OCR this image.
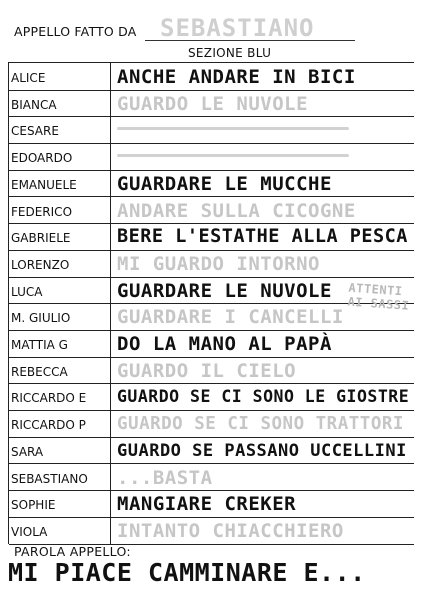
APPELLO FATTO DA SEBASTIANO
SEZIONE BLU
ALICE	ANCHE ANDARE IN BICI
BIANCA	GUARDO LE NUVOLE
CESARE
EDOARDO
EMANUELE	GUARDARE LE MUCCHE
FEDERICO	ANDARE SULLA CICOGNE
GABRIELE	BERE L'ESTATHE ALLA PESCA
LORENZO	MI GUARDO INTORNO
LUCA	GUARDARE LE NUVOLE
M. GIULIO	GUARDARE I CANCELLI
MATTIA G	DO LA MANO AL PAPÀ
REBECCA	GUARDO IL CIELO
RICCARDO E	GUARDO SE CI SONO LE GIOSTRE
RICCARDO P	GUARDO SE CI SONO TRATTORI
SARA	GUARDO SE PASSANO UCCELLINI
SEBASTIANO	...BASTA
SOPHIE	MANGIARE CREKER
VIOLA	INTANTO CHIACCHIERO
ATTENTI AI SASSI
PAROLA APPELLO:
MI PIACE CAMMINARE E...
